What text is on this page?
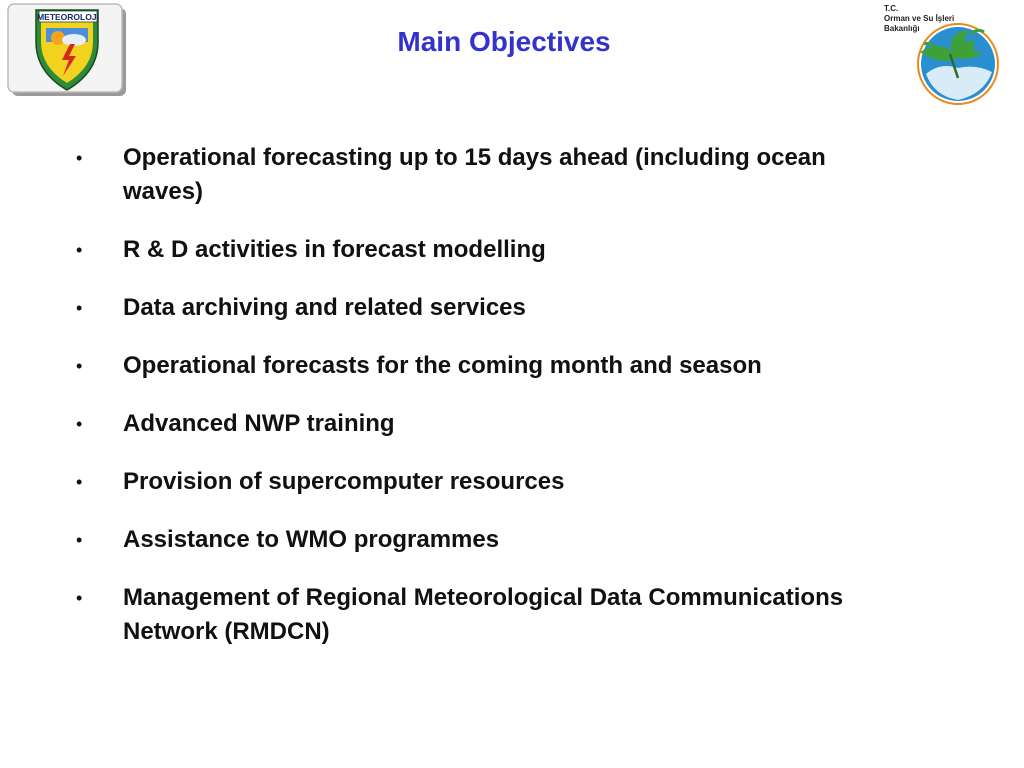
METEOROLOJI
Main Objectives
T.C.
Orman ve Su İşleri
Bakanlığı
• Operational forecasting up to 15 days ahead (including ocean waves)
• R & D activities in forecast modelling
• Data archiving and related services
• Operational forecasts for the coming month and season
• Advanced NWP training
• Provision of supercomputer resources
• Assistance to WMO programmes
• Management of Regional Meteorological Data Communications Network (RMDCN)
